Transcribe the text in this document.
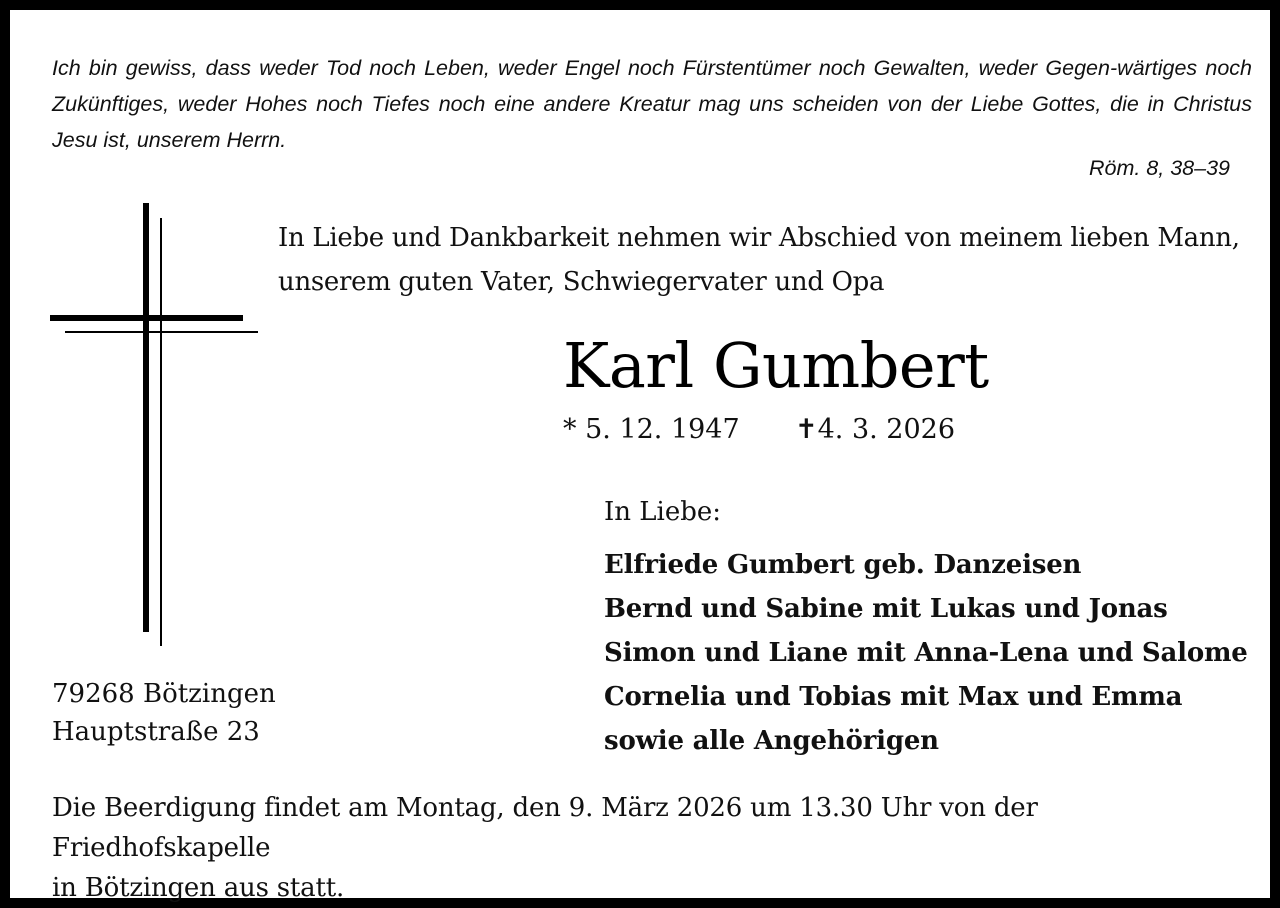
Ich bin gewiss, dass weder Tod noch Leben, weder Engel noch Fürstentümer noch Gewalten, weder Gegen-wärtiges noch Zukünftiges, weder Hohes noch Tiefes noch eine andere Kreatur mag uns scheiden von der Liebe Gottes, die in Christus Jesu ist, unserem Herrn.
Röm. 8, 38–39
In Liebe und Dankbarkeit nehmen wir Abschied von meinem lieben Mann,
unserem guten Vater, Schwiegervater und Opa
Karl Gumbert
* 5. 12. 1947 ✝4. 3. 2026
In Liebe:
Elfriede Gumbert geb. Danzeisen
Bernd und Sabine mit Lukas und Jonas
Simon und Liane mit Anna-Lena und Salome
Cornelia und Tobias mit Max und Emma
sowie alle Angehörigen
79268 Bötzingen
Hauptstraße 23
Die Beerdigung findet am Montag, den 9. März 2026 um 13.30 Uhr von der Friedhofskapelle
in Bötzingen aus statt.
